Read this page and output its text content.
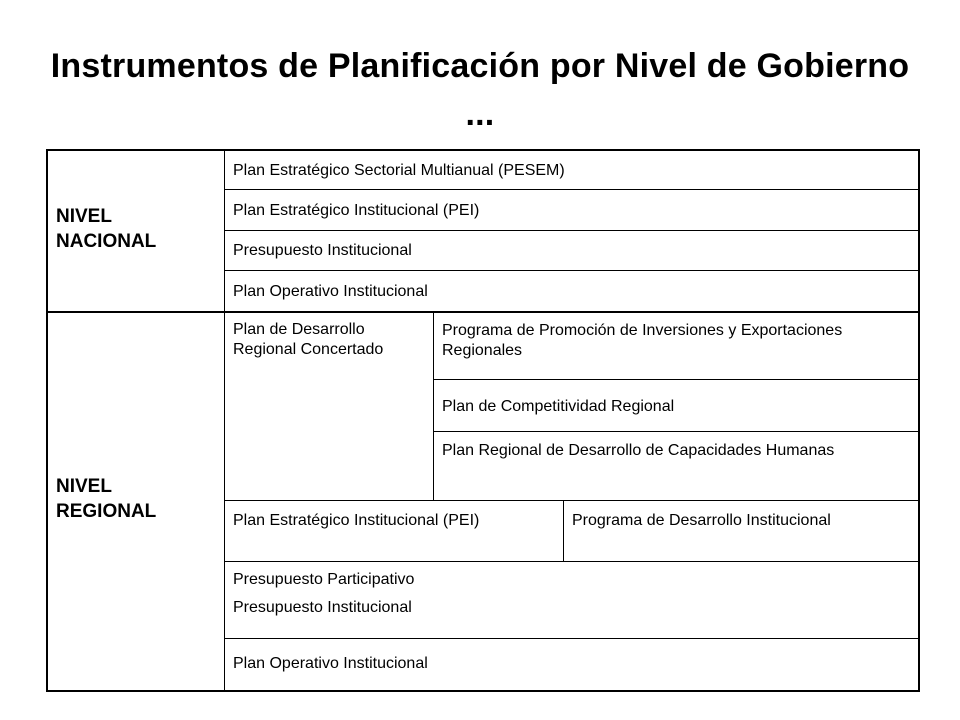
Instrumentos de Planificación por Nivel de Gobierno ...
NIVEL
NACIONAL
Plan Estratégico Sectorial Multianual (PESEM)
Plan Estratégico Institucional (PEI)
Presupuesto Institucional
Plan Operativo Institucional
NIVEL
REGIONAL
Plan de Desarrollo Regional Concertado
Programa de Promoción de Inversiones y Exportaciones Regionales
Plan de Competitividad Regional
Plan Regional de Desarrollo de Capacidades Humanas
Plan Estratégico Institucional (PEI)	Programa de Desarrollo Institucional
Presupuesto Participativo
Presupuesto Institucional
Plan Operativo Institucional
